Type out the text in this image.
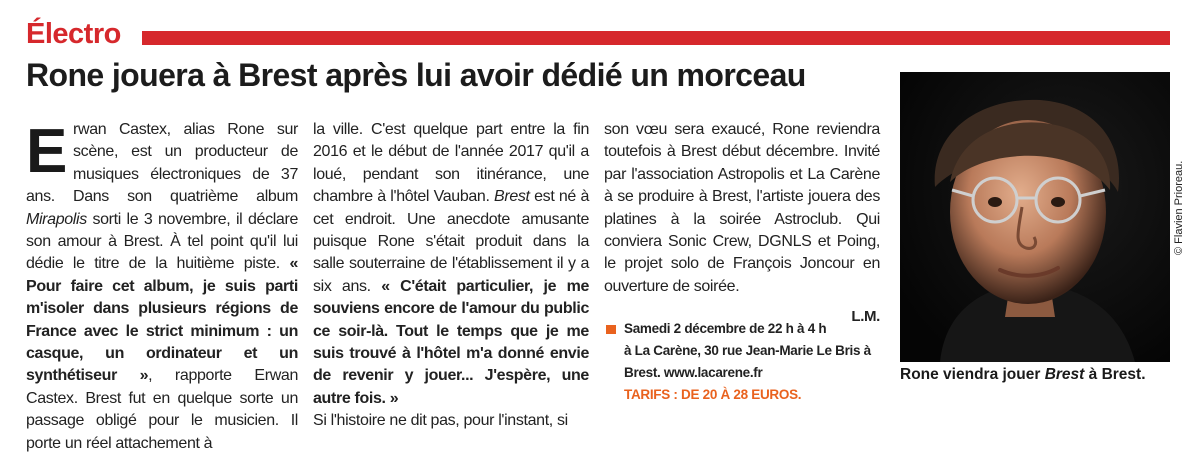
Électro
Rone jouera à Brest après lui avoir dédié un morceau

Erwan Castex, alias Rone sur scène, est un producteur de musiques électroniques de 37 ans. Dans son quatrième album Mirapolis sorti le 3 novembre, il déclare son amour à Brest. À tel point qu'il lui dédie le titre de la huitième piste. « Pour faire cet album, je suis parti m'isoler dans plusieurs régions de France avec le strict minimum : un casque, un ordinateur et un synthétiseur », rapporte Erwan Castex. Brest fut en quelque sorte un passage obligé pour le musicien. Il porte un réel attachement à

la ville. C'est quelque part entre la fin 2016 et le début de l'année 2017 qu'il a loué, pendant son itinérance, une chambre à l'hôtel Vauban. Brest est né à cet endroit. Une anecdote amusante puisque Rone s'était produit dans la salle souterraine de l'établissement il y a six ans. « C'était particulier, je me souviens encore de l'amour du public ce soir-là. Tout le temps que je me suis trouvé à l'hôtel m'a donné envie de revenir y jouer... J'espère, une autre fois. »
Si l'histoire ne dit pas, pour l'instant, si

son vœu sera exaucé, Rone reviendra toutefois à Brest début décembre. Invité par l'association Astropolis et La Carène à se produire à Brest, l'artiste jouera des platines à la soirée Astroclub. Qui conviera Sonic Crew, DGNLS et Poing, le projet solo de François Joncour en ouverture de soirée.

L.M.
Samedi 2 décembre de 22 h à 4 h
à La Carène, 30 rue Jean-Marie Le Bris à
Brest. www.lacarene.fr
TARIFS : DE 20 À 28 EUROS.
© Flavien Prioreau.
Rone viendra jouer Brest à Brest.
